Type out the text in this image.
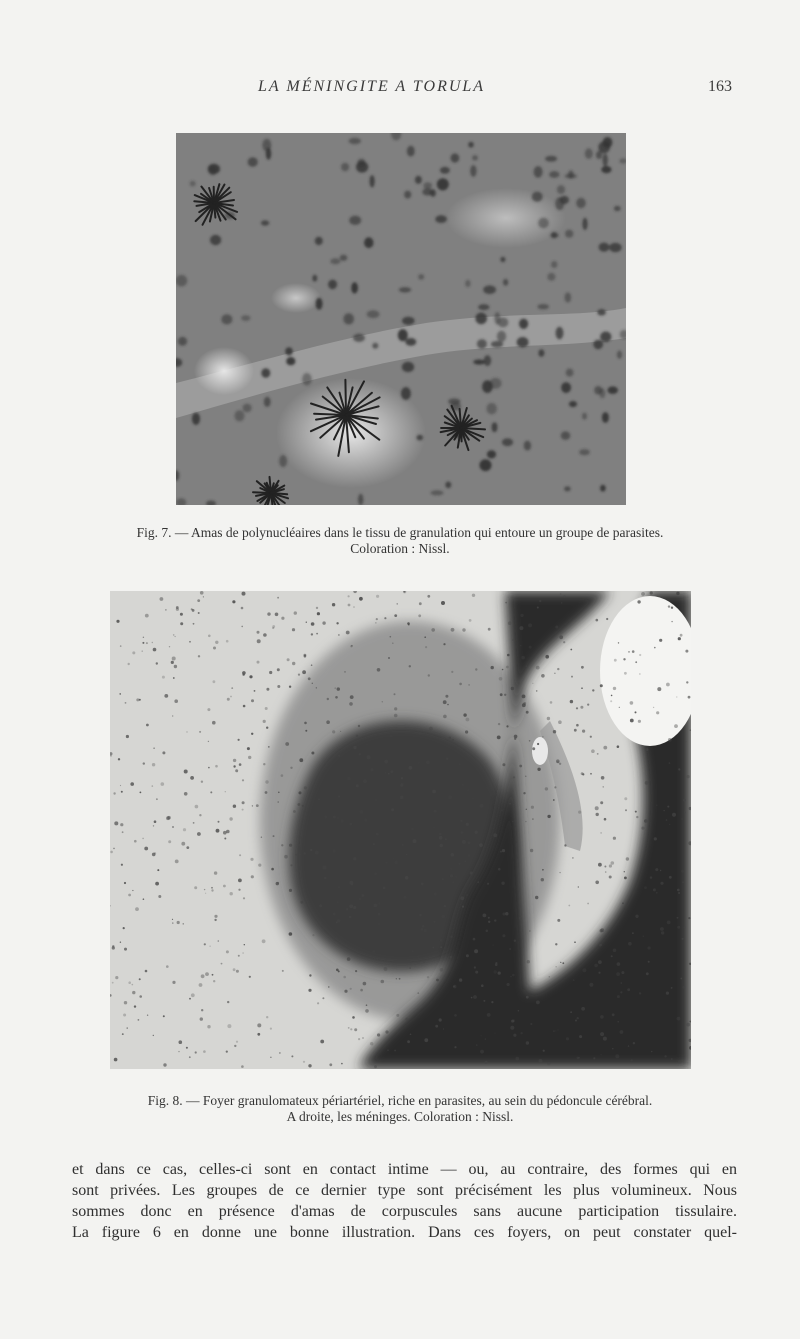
LA MÉNINGITE A TORULA	163
Fig. 7. — Amas de polynucléaires dans le tissu de granulation qui entoure un groupe de parasites.
Coloration : Nissl.
Fig. 8. — Foyer granulomateux périartériel, riche en parasites, au sein du pédoncule cérébral.
A droite, les méninges. Coloration : Nissl.
et dans ce cas, celles-ci sont en contact intime — ou, au contraire, des formes qui en
sont privées. Les groupes de ce dernier type sont précisément les plus volumineux. Nous
sommes donc en présence d'amas de corpuscules sans aucune participation tissulaire.
La figure 6 en donne une bonne illustration. Dans ces foyers, on peut constater quel-
